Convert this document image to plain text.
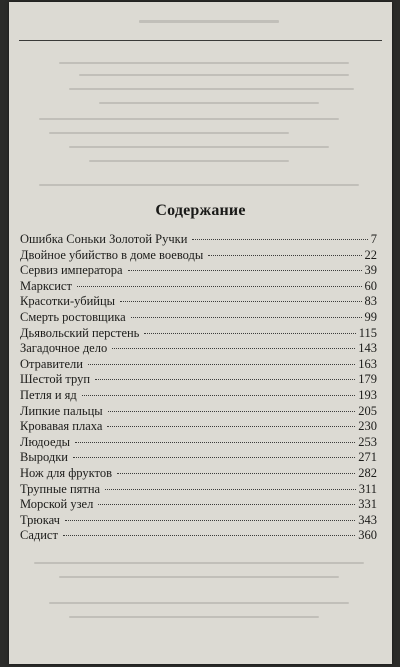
Содержание
Ошибка Соньки Золотой Ручки	7
Двойное убийство в доме воеводы	22
Сервиз императора	39
Марксист	60
Красотки-убийцы	83
Смерть ростовщика	99
Дьявольский перстень	115
Загадочное дело	143
Отравители	163
Шестой труп	179
Петля и яд	193
Липкие пальцы	205
Кровавая плаха	230
Людоеды	253
Выродки	271
Нож для фруктов	282
Трупные пятна	311
Морской узел	331
Трюкач	343
Садист	360
